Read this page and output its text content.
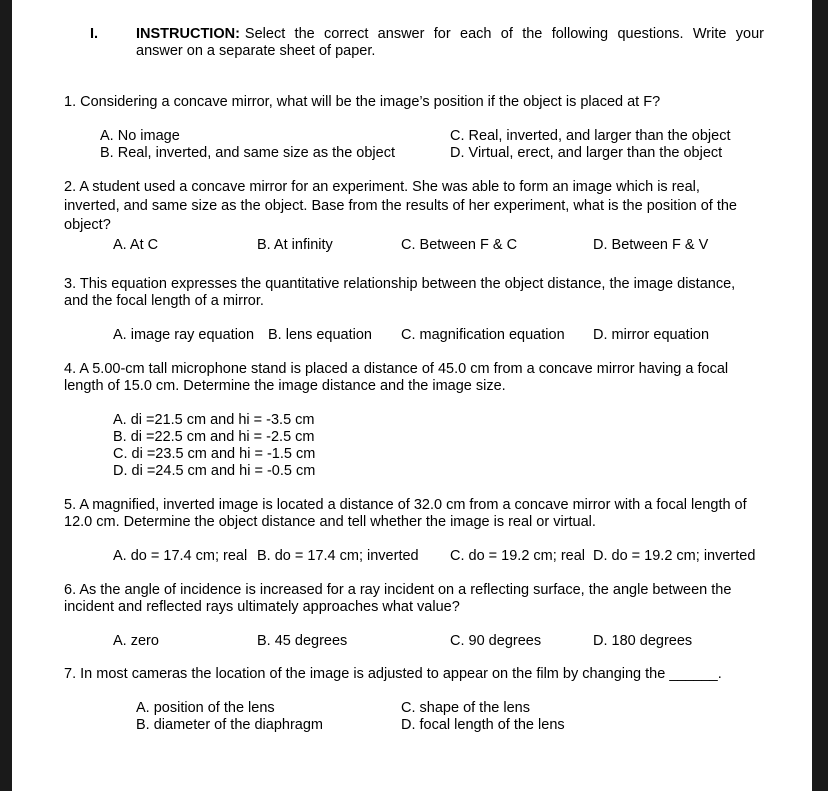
I.	INSTRUCTION: Select the correct answer for each of the following questions. Write your
answer on a separate sheet of paper.
1. Considering a concave mirror, what will be the image’s position if the object is placed at F?
A. No image
B. Real, inverted, and same size as the object
C. Real, inverted, and larger than the object
D. Virtual, erect, and larger than the object
2. A student used a concave mirror for an experiment. She was able to form an image which is real,
inverted, and same size as the object. Base from the results of her experiment, what is the position of the
object?
A. At C	B. At infinity	C. Between F & C	D. Between F & V
3. This equation expresses the quantitative relationship between the object distance, the image distance,
and the focal length of a mirror.
A. image ray equation B. lens equation C. magnification equation D. mirror equation
4. A 5.00-cm tall microphone stand is placed a distance of 45.0 cm from a concave mirror having a focal
length of 15.0 cm. Determine the image distance and the image size.
A. di =21.5 cm and hi = -3.5 cm
B. di =22.5 cm and hi = -2.5 cm
C. di =23.5 cm and hi = -1.5 cm
D. di =24.5 cm and hi = -0.5 cm
5. A magnified, inverted image is located a distance of 32.0 cm from a concave mirror with a focal length of
12.0 cm. Determine the object distance and tell whether the image is real or virtual.
A. do = 17.4 cm; real B. do = 17.4 cm; inverted C. do = 19.2 cm; real D. do = 19.2 cm; inverted
6. As the angle of incidence is increased for a ray incident on a reflecting surface, the angle between the
incident and reflected rays ultimately approaches what value?
A. zero	B. 45 degrees	C. 90 degrees	D. 180 degrees
7. In most cameras the location of the image is adjusted to appear on the film by changing the ______.
A. position of the lens
B. diameter of the diaphragm
C. shape of the lens
D. focal length of the lens
